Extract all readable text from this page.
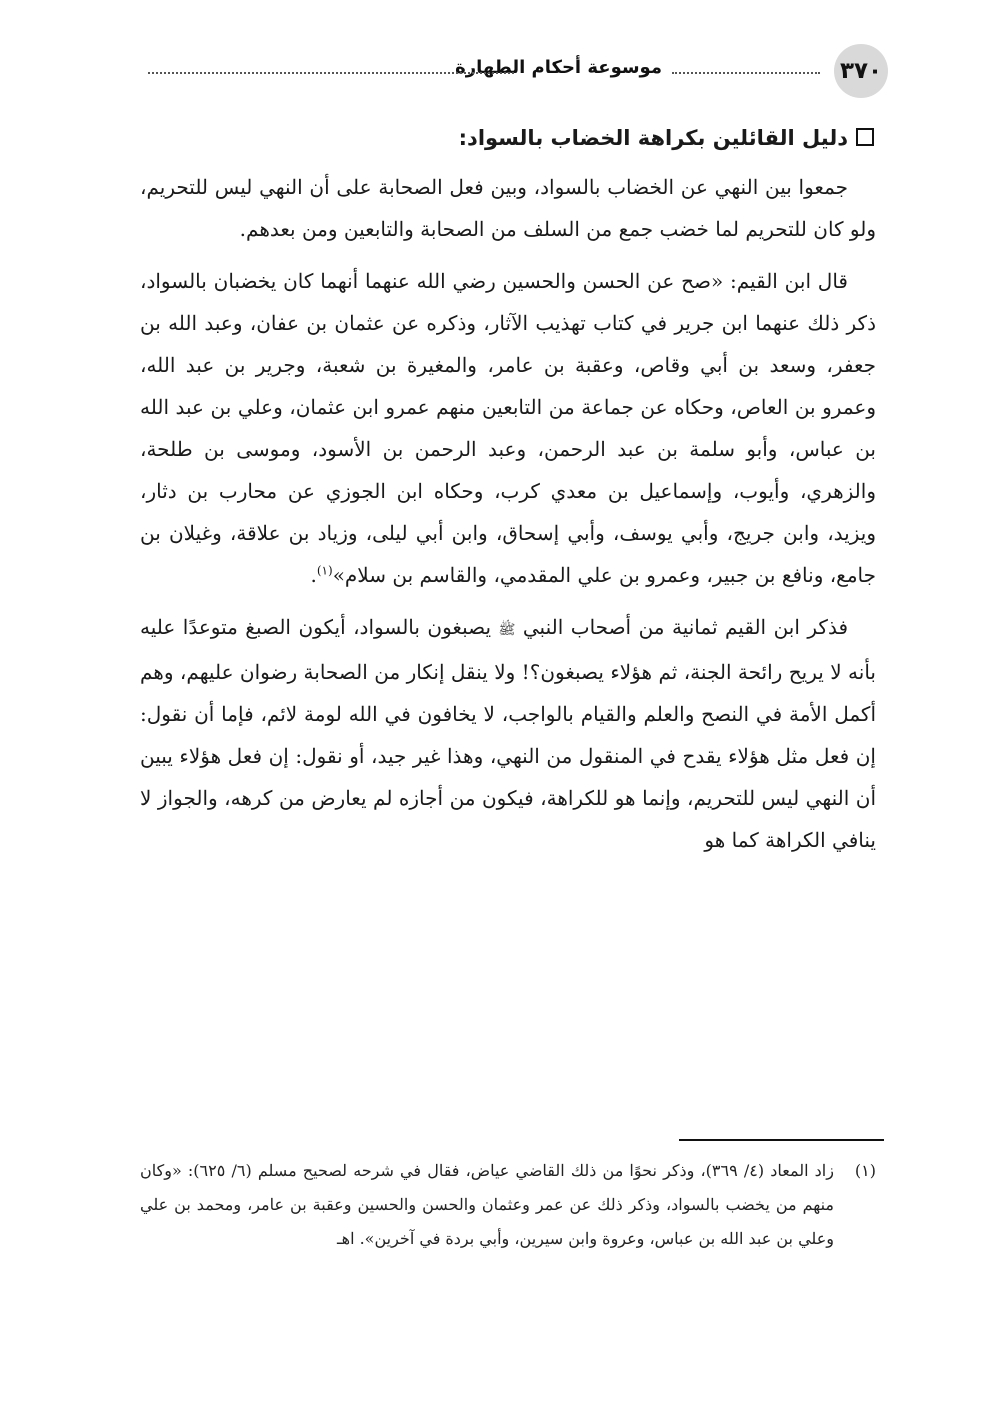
٣٧٠
موسوعة أحكام الطهارة
دليل القائلين بكراهة الخضاب بالسواد:

جمعوا بين النهي عن الخضاب بالسواد، وبين فعل الصحابة على أن النهي ليس للتحريم، ولو كان للتحريم لما خضب جمع من السلف من الصحابة والتابعين ومن بعدهم.

قال ابن القيم: «صح عن الحسن والحسين رضي الله عنهما أنهما كان يخضبان بالسواد، ذكر ذلك عنهما ابن جرير في كتاب تهذيب الآثار، وذكره عن عثمان بن عفان، وعبد الله بن جعفر، وسعد بن أبي وقاص، وعقبة بن عامر، والمغيرة بن شعبة، وجرير بن عبد الله، وعمرو بن العاص، وحكاه عن جماعة من التابعين منهم عمرو ابن عثمان، وعلي بن عبد الله بن عباس، وأبو سلمة بن عبد الرحمن، وعبد الرحمن بن الأسود، وموسى بن طلحة، والزهري، وأيوب، وإسماعيل بن معدي كرب، وحكاه ابن الجوزي عن محارب بن دثار، ويزيد، وابن جريج، وأبي يوسف، وأبي إسحاق، وابن أبي ليلى، وزياد بن علاقة، وغيلان بن جامع، ونافع بن جبير، وعمرو بن علي المقدمي، والقاسم بن سلام»$^{(١)}$.

فذكر ابن القيم ثمانية من أصحاب النبي ﷺ يصبغون بالسواد، أيكون الصبغ متوعدًا عليه بأنه لا يريح رائحة الجنة، ثم هؤلاء يصبغون؟! ولا ينقل إنكار من الصحابة رضوان عليهم، وهم أكمل الأمة في النصح والعلم والقيام بالواجب، لا يخافون في الله لومة لائم، فإما أن نقول: إن فعل مثل هؤلاء يقدح في المنقول من النهي، وهذا غير جيد، أو نقول: إن فعل هؤلاء يبين أن النهي ليس للتحريم، وإنما هو للكراهة، فيكون من أجازه لم يعارض من كرهه، والجواز لا ينافي الكراهة كما هو

(١)
زاد المعاد (٤/ ٣٦٩)، وذكر نحوًا من ذلك القاضي عياض، فقال في شرحه لصحيح مسلم (٦/ ٦٢٥): «وكان منهم من يخضب بالسواد، وذكر ذلك عن عمر وعثمان والحسن والحسين وعقبة بن عامر، ومحمد بن علي وعلي بن عبد الله بن عباس، وعروة وابن سيرين، وأبي بردة في آخرين». اهـ
